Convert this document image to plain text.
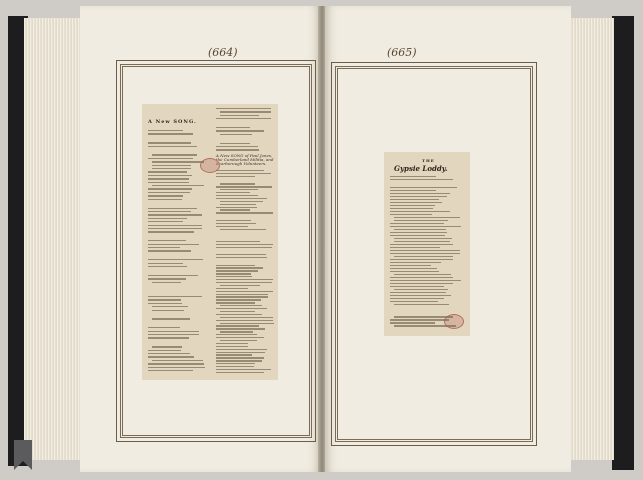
(664)
A New SONG.
A New SONG of Paul Jones, the Cumberland Militia, and Scarborough Volunteers.
(665)
THE
Gypsie Loddy.
